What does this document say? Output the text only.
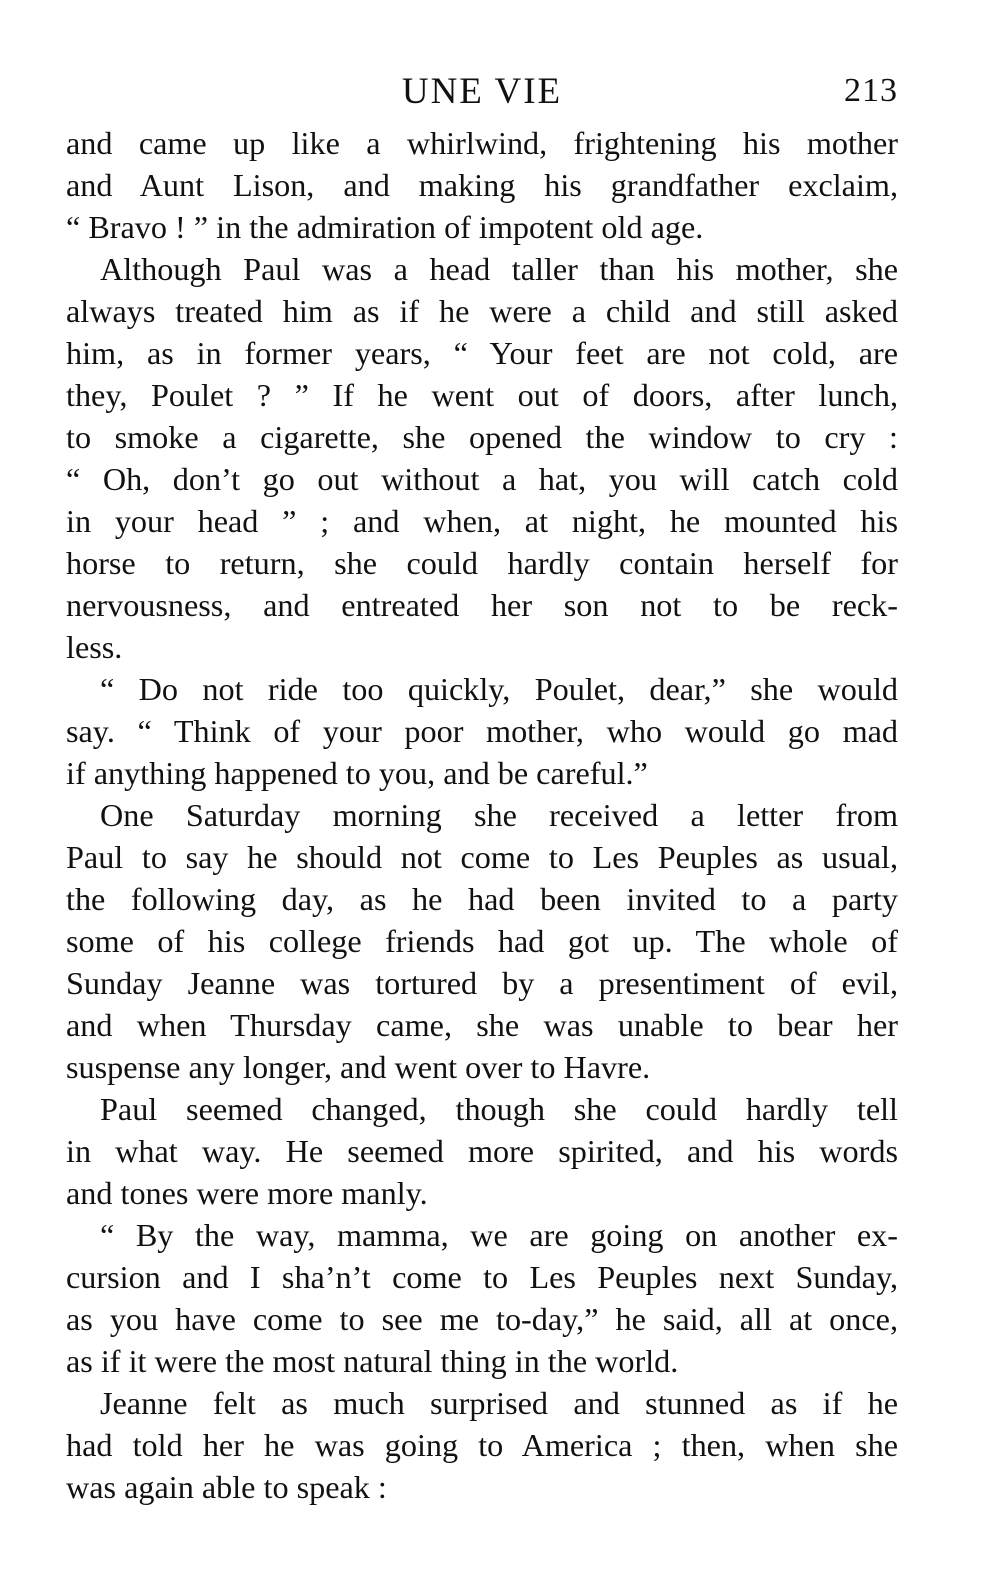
UNE VIE	213

and came up like a whirlwind, frightening his mother

and Aunt Lison, and making his grandfather exclaim,

“ Bravo ! ” in the admiration of impotent old age.

Although Paul was a head taller than his mother, she

always treated him as if he were a child and still asked

him, as in former years, “ Your feet are not cold, are

they, Poulet ? ” If he went out of doors, after lunch,

to smoke a cigarette, she opened the window to cry :

“ Oh, don’t go out without a hat, you will catch cold

in your head ” ; and when, at night, he mounted his

horse to return, she could hardly contain herself for

nervousness, and entreated her son not to be reck-

less.

“ Do not ride too quickly, Poulet, dear,” she would

say. “ Think of your poor mother, who would go mad

if anything happened to you, and be careful.”

One Saturday morning she received a letter from

Paul to say he should not come to Les Peuples as usual,

the following day, as he had been invited to a party

some of his college friends had got up. The whole of

Sunday Jeanne was tortured by a presentiment of evil,

and when Thursday came, she was unable to bear her

suspense any longer, and went over to Havre.

Paul seemed changed, though she could hardly tell

in what way. He seemed more spirited, and his words

and tones were more manly.

“ By the way, mamma, we are going on another ex-

cursion and I sha’n’t come to Les Peuples next Sunday,

as you have come to see me to-day,” he said, all at once,

as if it were the most natural thing in the world.

Jeanne felt as much surprised and stunned as if he

had told her he was going to America ; then, when she

was again able to speak :
